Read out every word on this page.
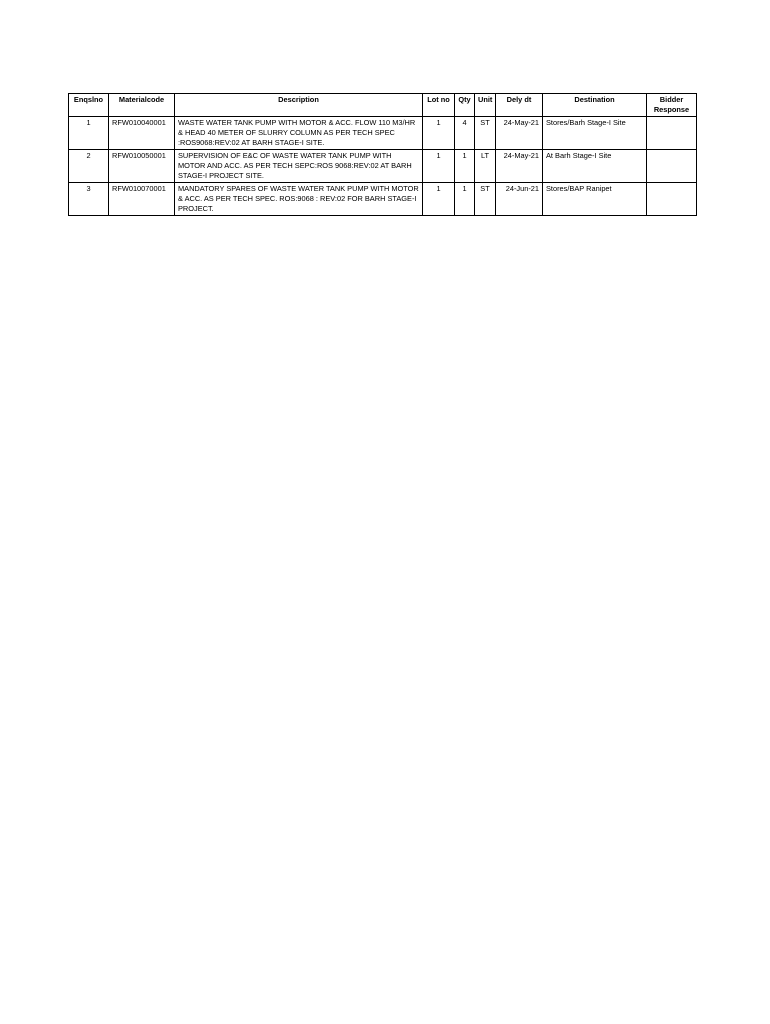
Enqslno	Materialcode	Description	Lot no	Qty	Unit	Dely dt	Destination	Bidder Response
1	RFW010040001	WASTE WATER TANK PUMP WITH MOTOR & ACC. FLOW 110 M3/HR & HEAD 40 METER OF SLURRY COLUMN AS PER TECH SPEC :ROS9068:REV:02 AT BARH STAGE-I SITE.	1	4	ST	24-May-21	Stores/Barh Stage-I Site	
2	RFW010050001	SUPERVISION OF E&C OF WASTE WATER TANK PUMP WITH MOTOR AND ACC. AS PER TECH SEPC:ROS 9068:REV:02 AT BARH STAGE-I PROJECT SITE.	1	1	LT	24-May-21	At Barh Stage-I Site	
3	RFW010070001	MANDATORY SPARES OF WASTE WATER TANK PUMP WITH MOTOR & ACC. AS PER TECH SPEC. ROS:9068 : REV:02 FOR BARH STAGE-I PROJECT.	1	1	ST	24-Jun-21	Stores/BAP Ranipet	
